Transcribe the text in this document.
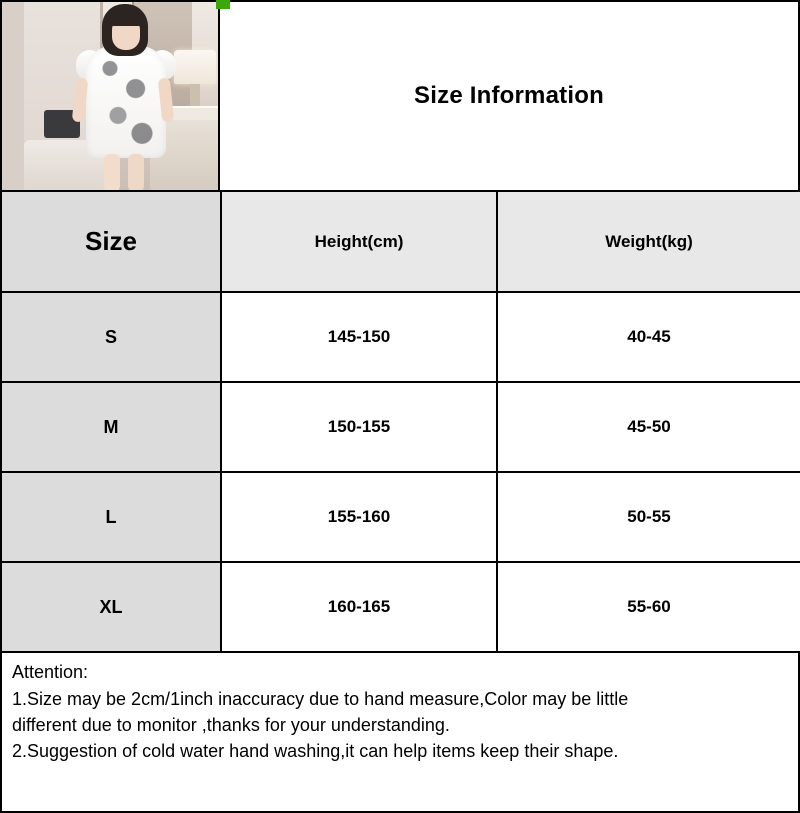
Size Information
Size	Height(cm)	Weight(kg)
S	145-150	40-45
M	150-155	45-50
L	155-160	50-55
XL	160-165	55-60

Attention:

1.Size may be 2cm/1inch inaccuracy due to hand measure,Color may be little

different due to monitor ,thanks for your understanding.

2.Suggestion of cold water hand washing,it can help items keep their shape.
